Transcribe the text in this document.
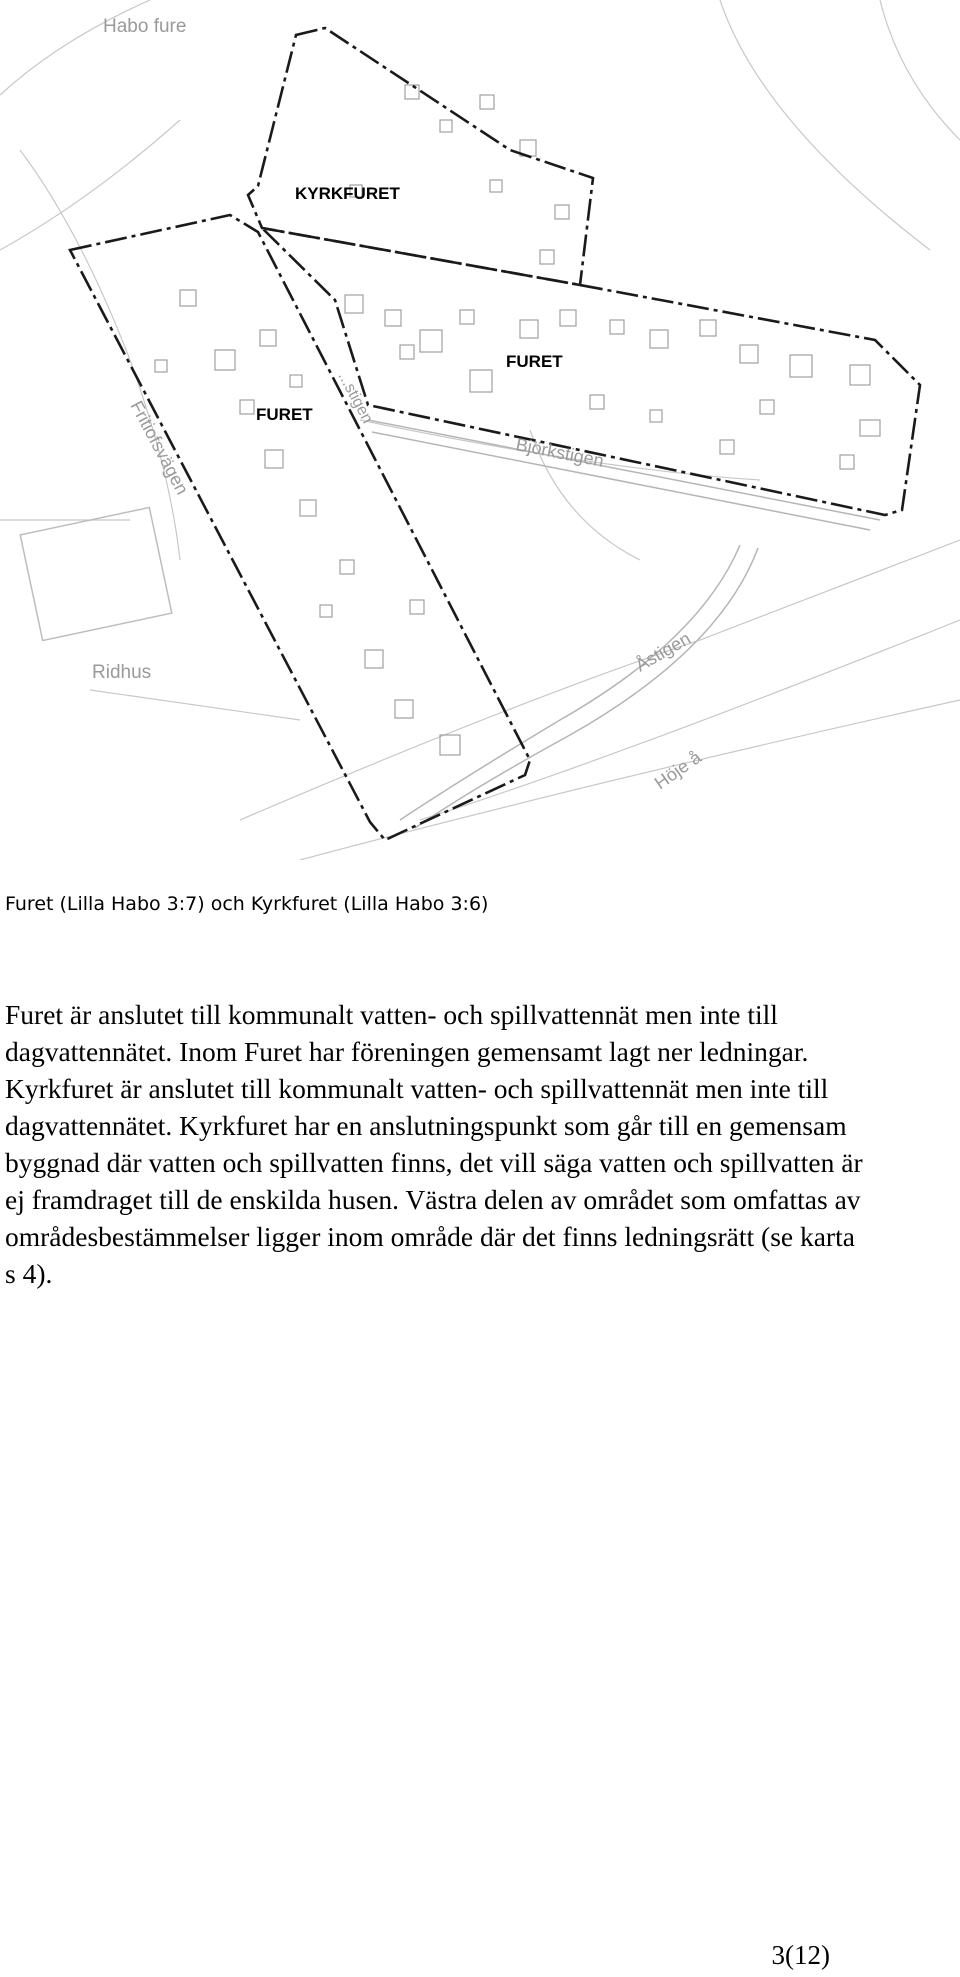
Habo fure
KYRKFURET
FURET
FURET
Fritiofsvägen	...stigen
Björkstigen
Ridhus	Åstigen
Höje å
Furet (Lilla Habo 3:7) och Kyrkfuret (Lilla Habo 3:6)
Furet är anslutet till kommunalt vatten- och spillvattennät men inte till dagvattennätet. Inom Furet har föreningen gemensamt lagt ner ledningar. Kyrkfuret är anslutet till kommunalt vatten- och spillvattennät men inte till dagvattennätet. Kyrkfuret har en anslutningspunkt som går till en gemensam byggnad där vatten och spillvatten finns, det vill säga vatten och spillvatten är ej framdraget till de enskilda husen. Västra delen av området som omfattas av områdesbestämmelser ligger inom område där det finns ledningsrätt (se karta s 4).
3(12)
